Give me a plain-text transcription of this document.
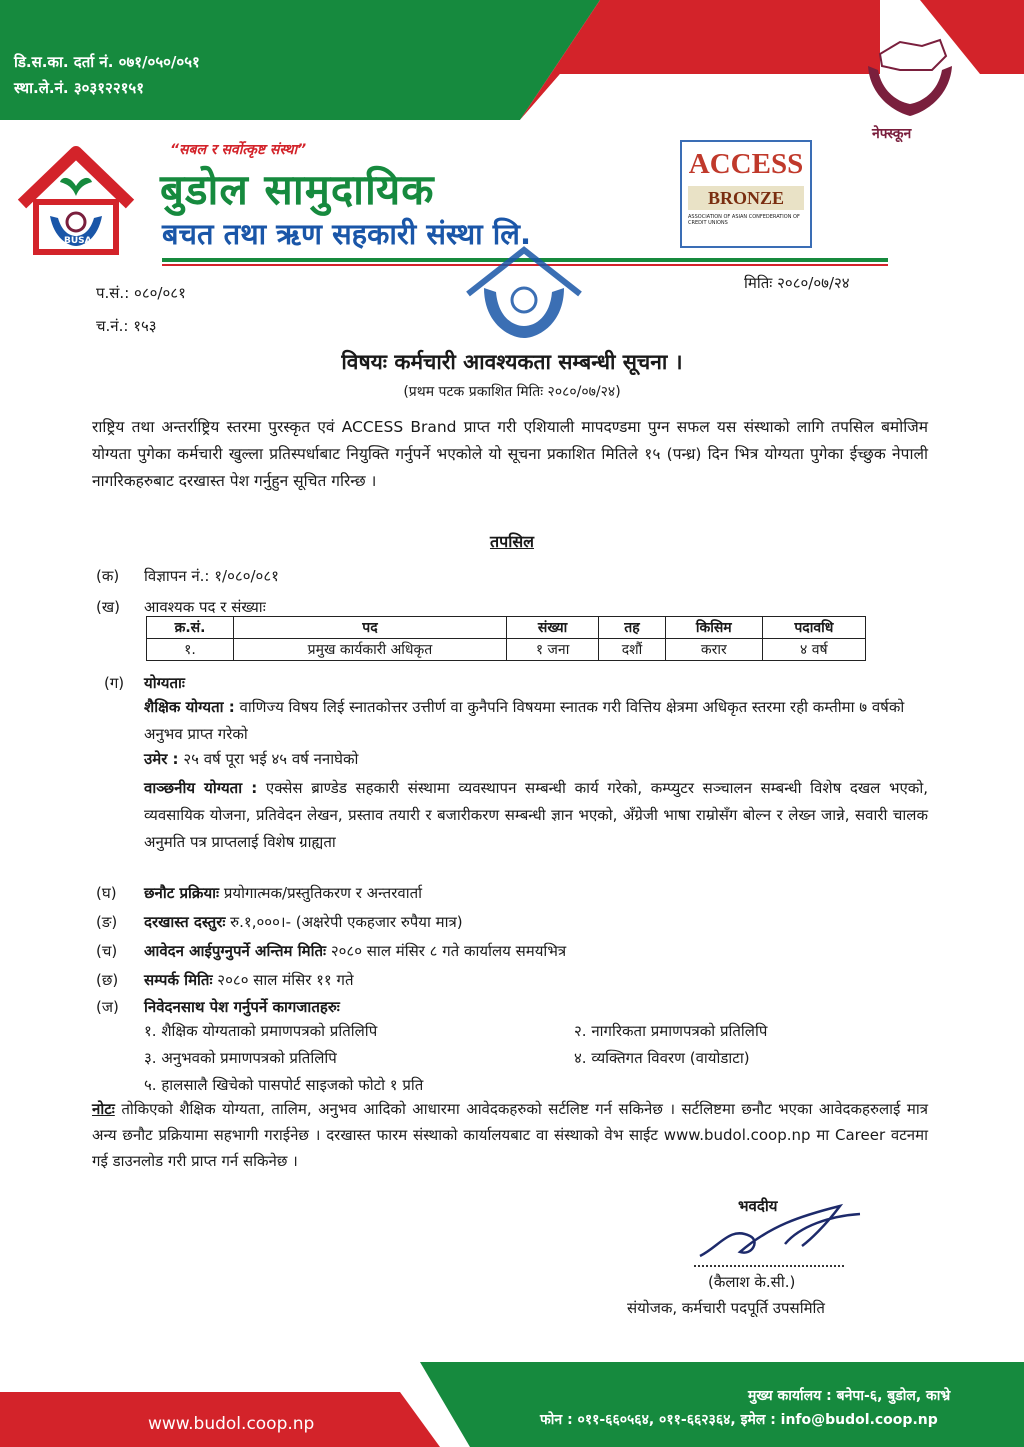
डि.स.का. दर्ता नं. ०७१/०५०/०५१
स्था.ले.नं. ३०३१२२१५१
नेफ्स्कून
BUSA
“सबल र सर्वोत्कृष्ट संस्था”
बुडोल सामुदायिक
बचत तथा ऋण सहकारी संस्था लि.
ACCESS
BRONZE
ASSOCIATION OF ASIAN CONFEDERATION OF CREDIT UNIONS
प.सं.: ०८०/०८१
च.नं.: १५३
मितिः २०८०/०७/२४
विषयः कर्मचारी आवश्यकता सम्बन्धी सूचना ।
(प्रथम पटक प्रकाशित मितिः २०८०/०७/२४)
राष्ट्रिय तथा अन्तर्राष्ट्रिय स्तरमा पुरस्कृत एवं ACCESS Brand प्राप्त गरी एशियाली मापदण्डमा पुग्न सफल यस संस्थाको लागि तपसिल बमोजिम योग्यता पुगेका कर्मचारी खुल्ला प्रतिस्पर्धाबाट नियुक्ति गर्नुपर्ने भएकोले यो सूचना प्रकाशित मितिले १५ (पन्ध्र) दिन भित्र योग्यता पुगेका ईच्छुक नेपाली नागरिकहरुबाट दरखास्त पेश गर्नुहुन सूचित गरिन्छ ।
तपसिल
(क) विज्ञापन नं.: १/०८०/०८१
(ख) आवश्यक पद र संख्याः
क्र.सं.	पद	संख्या	तह	किसिम	पदावधि
१.	प्रमुख कार्यकारी अधिकृत	१ जना	दशौं	करार	४ वर्ष
(ग) योग्यताः
शैक्षिक योग्यता : वाणिज्य विषय लिई स्नातकोत्तर उत्तीर्ण वा कुनैपनि विषयमा स्नातक गरी वित्तिय क्षेत्रमा अधिकृत स्तरमा रही कम्तीमा ७ वर्षको अनुभव प्राप्त गरेको
उमेर : २५ वर्ष पूरा भई ४५ वर्ष ननाघेको
वाञ्छनीय योग्यता : एक्सेस ब्राण्डेड सहकारी संस्थामा व्यवस्थापन सम्बन्धी कार्य गरेको, कम्प्युटर सञ्चालन सम्बन्धी विशेष दखल भएको, व्यवसायिक योजना, प्रतिवेदन लेखन, प्रस्ताव तयारी र बजारीकरण सम्बन्धी ज्ञान भएको, अँग्रेजी भाषा राम्रोसँग बोल्न र लेख्न जान्ने, सवारी चालक अनुमति पत्र प्राप्तलाई विशेष ग्राह्यता
(घ) छनौट प्रक्रियाः प्रयोगात्मक/प्रस्तुतिकरण र अन्तरवार्ता
(ङ) दरखास्त दस्तुरः रु.१,०००।- (अक्षरेपी एकहजार रुपैया मात्र)
(च) आवेदन आईपुग्नुपर्ने अन्तिम मितिः २०८० साल मंसिर ८ गते कार्यालय समयभित्र
(छ) सम्पर्क मितिः २०८० साल मंसिर ११ गते
(ज) निवेदनसाथ पेश गर्नुपर्ने कागजातहरुः
१. शैक्षिक योग्यताको प्रमाणपत्रको प्रतिलिपि	२. नागरिकता प्रमाणपत्रको प्रतिलिपि
३. अनुभवको प्रमाणपत्रको प्रतिलिपि	४. व्यक्तिगत विवरण (वायोडाटा)
५. हालसालै खिचेको पासपोर्ट साइजको फोटो १ प्रति
नोटः तोकिएको शैक्षिक योग्यता, तालिम, अनुभव आदिको आधारमा आवेदकहरुको सर्टलिष्ट गर्न सकिनेछ । सर्टलिष्टमा छनौट भएका आवेदकहरुलाई मात्र अन्य छनौट प्रक्रियामा सहभागी गराईनेछ । दरखास्त फारम संस्थाको कार्यालयबाट वा संस्थाको वेभ साईट www.budol.coop.np मा Career वटनमा गई डाउनलोड गरी प्राप्त गर्न सकिनेछ ।
भवदीय
(कैलाश के.सी.)
संयोजक, कर्मचारी पदपूर्ति उपसमिति
www.budol.coop.np
मुख्य कार्यालय : बनेपा-६, बुडोल, काभ्रे
फोन : ०११-६६०५६४, ०११-६६२३६४, इमेल : info@budol.coop.np
